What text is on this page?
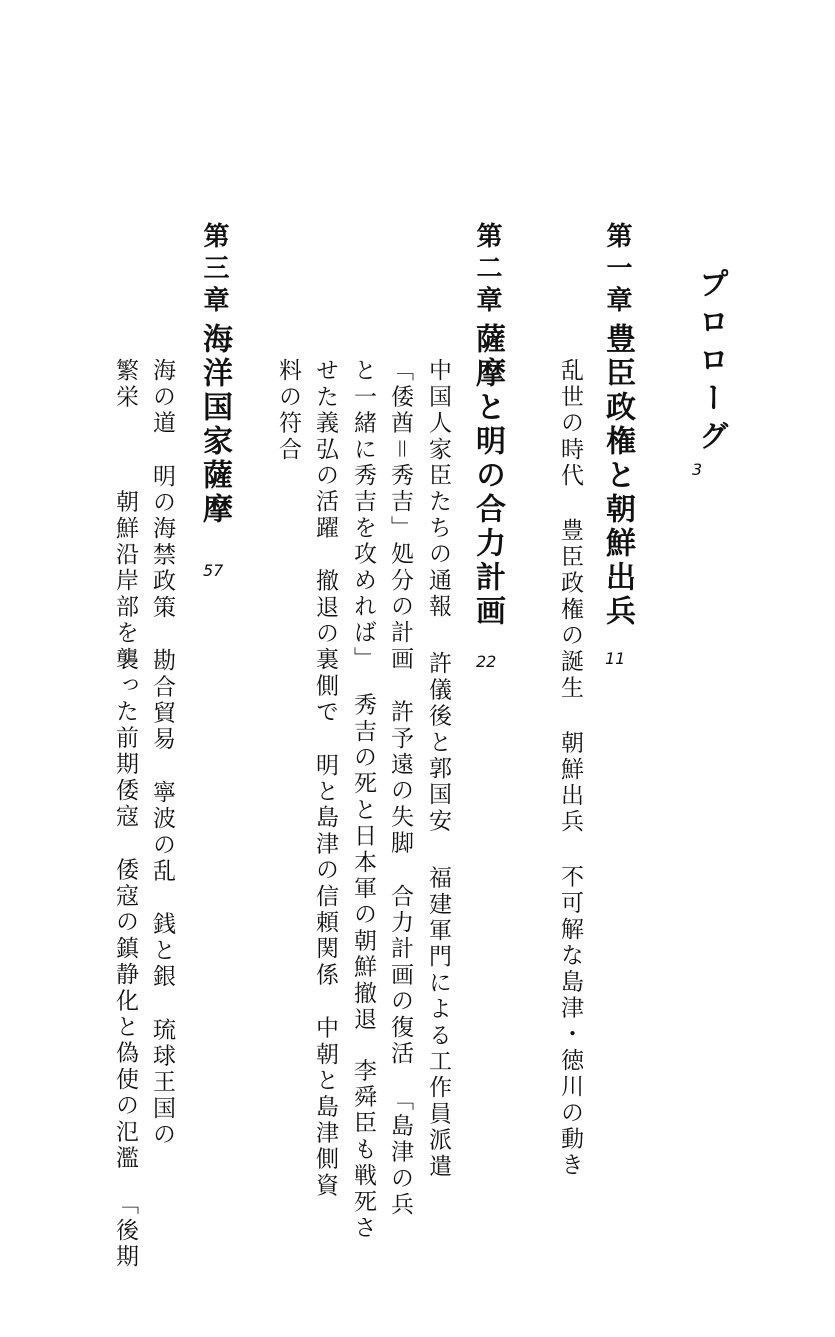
プロローグ
3
第一章
豊臣政権と朝鮮出兵
11
乱世の時代豊臣政権の誕生朝鮮出兵不可解な島津・徳川の動き
第二章
薩摩と明の合力計画
22
中国人家臣たちの通報許儀後と郭国安福建軍門による工作員派遣
「倭酋＝秀吉」処分の計画許予遠の失脚合力計画の復活「島津の兵
と一緒に秀吉を攻めれば」秀吉の死と日本軍の朝鮮撤退李舜臣も戦死さ
せた義弘の活躍撤退の裏側で明と島津の信頼関係中朝と島津側資
料の符合
第三章
海洋国家薩摩
57
海の道明の海禁政策勘合貿易寧波の乱銭と銀琉球王国の
繁栄朝鮮沿岸部を襲った前期倭寇倭寇の鎮静化と偽使の氾濫「後期
